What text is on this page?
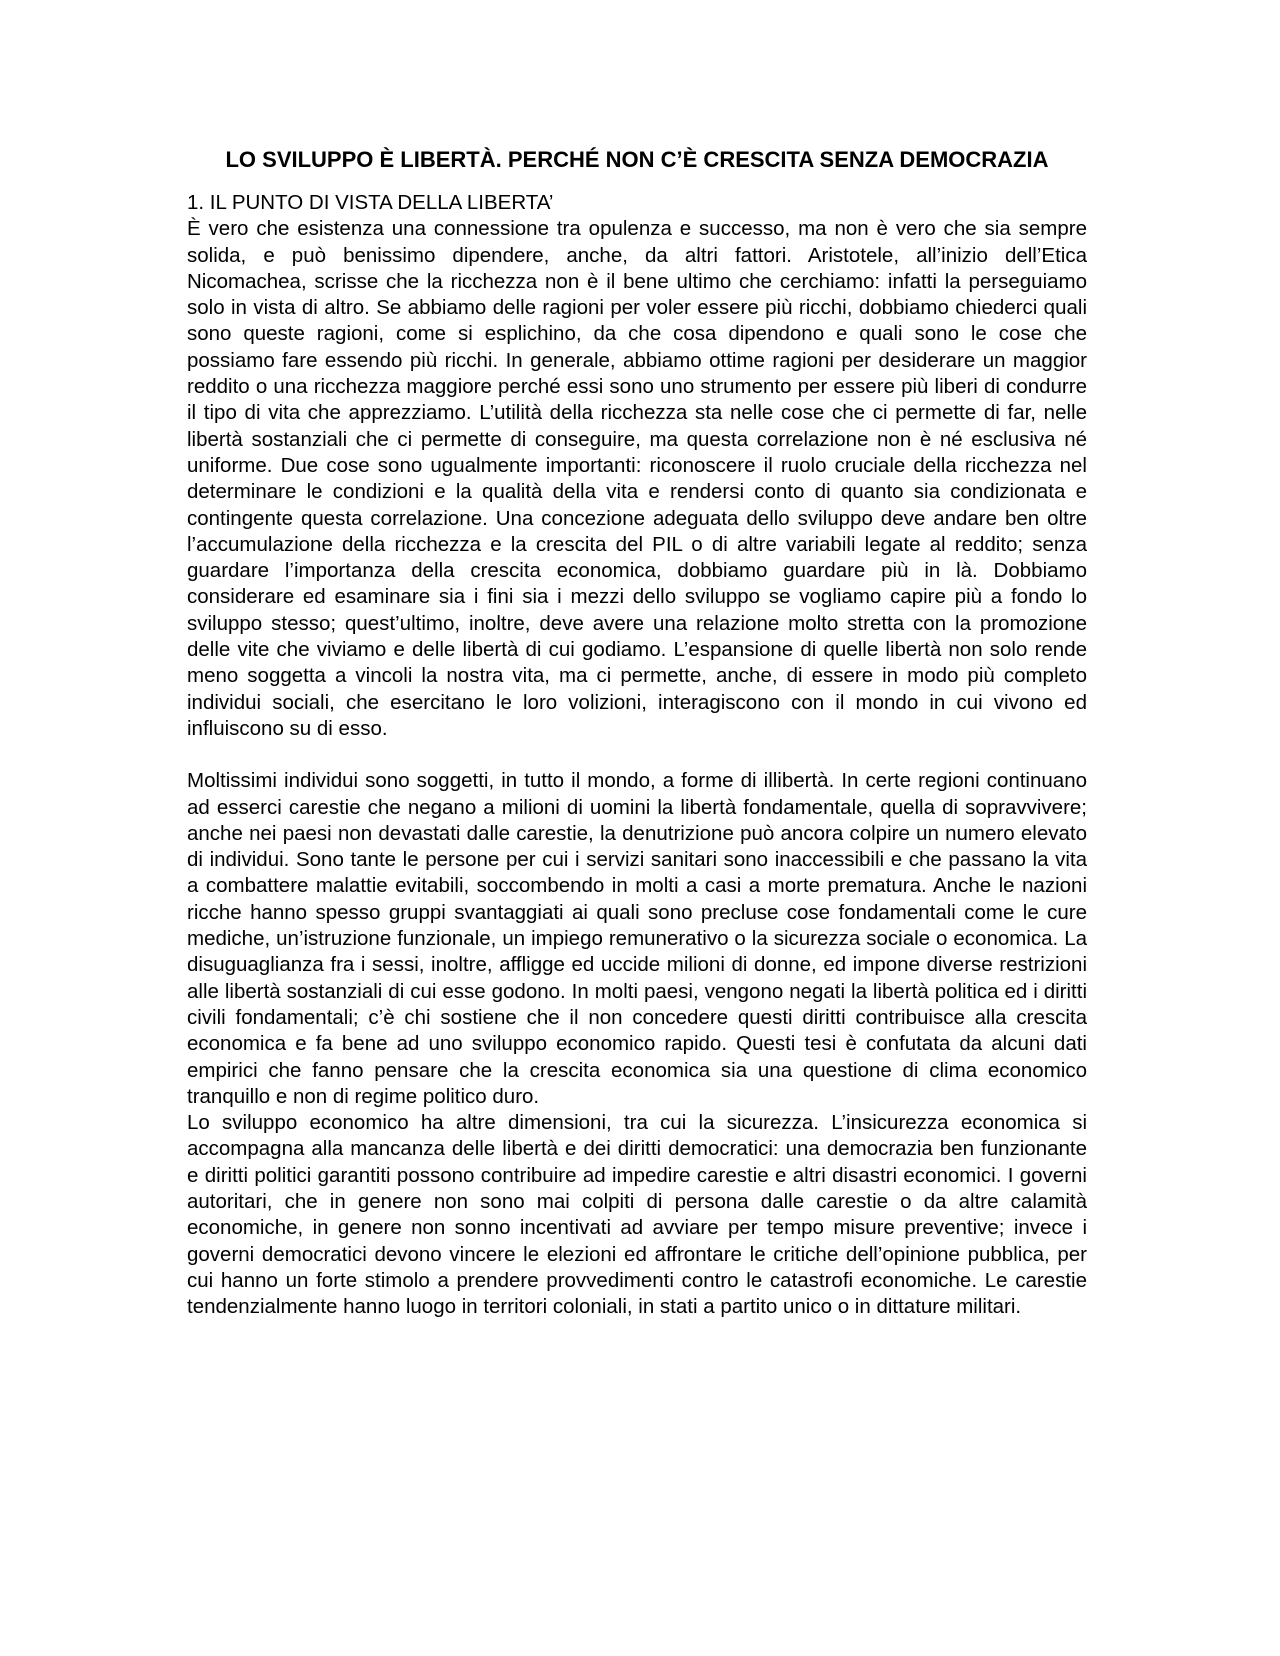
LO SVILUPPO È LIBERTÀ. PERCHÉ NON C’È CRESCITA SENZA DEMOCRAZIA

1. IL PUNTO DI VISTA DELLA LIBERTA’

È vero che esistenza una connessione tra opulenza e successo, ma non è vero che sia sempre solida, e può benissimo dipendere, anche, da altri fattori. Aristotele, all’inizio dell’Etica Nicomachea, scrisse che la ricchezza non è il bene ultimo che cerchiamo: infatti la perseguiamo solo in vista di altro. Se abbiamo delle ragioni per voler essere più ricchi, dobbiamo chiederci quali sono queste ragioni, come si esplichino, da che cosa dipendono e quali sono le cose che possiamo fare essendo più ricchi. In generale, abbiamo ottime ragioni per desiderare un maggior reddito o una ricchezza maggiore perché essi sono uno strumento per essere più liberi di condurre il tipo di vita che apprezziamo. L’utilità della ricchezza sta nelle cose che ci permette di far, nelle libertà sostanziali che ci permette di conseguire, ma questa correlazione non è né esclusiva né uniforme. Due cose sono ugualmente importanti: riconoscere il ruolo cruciale della ricchezza nel determinare le condizioni e la qualità della vita e rendersi conto di quanto sia condizionata e contingente questa correlazione. Una concezione adeguata dello sviluppo deve andare ben oltre l’accumulazione della ricchezza e la crescita del PIL o di altre variabili legate al reddito; senza guardare l’importanza della crescita economica, dobbiamo guardare più in là. Dobbiamo considerare ed esaminare sia i fini sia i mezzi dello sviluppo se vogliamo capire più a fondo lo sviluppo stesso; quest’ultimo, inoltre, deve avere una relazione molto stretta con la promozione delle vite che viviamo e delle libertà di cui godiamo. L’espansione di quelle libertà non solo rende meno soggetta a vincoli la nostra vita, ma ci permette, anche, di essere in modo più completo individui sociali, che esercitano le loro volizioni, interagiscono con il mondo in cui vivono ed influiscono su di esso.

Moltissimi individui sono soggetti, in tutto il mondo, a forme di illibertà. In certe regioni continuano ad esserci carestie che negano a milioni di uomini la libertà fondamentale, quella di sopravvivere; anche nei paesi non devastati dalle carestie, la denutrizione può ancora colpire un numero elevato di individui. Sono tante le persone per cui i servizi sanitari sono inaccessibili e che passano la vita a combattere malattie evitabili, soccombendo in molti a casi a morte prematura. Anche le nazioni ricche hanno spesso gruppi svantaggiati ai quali sono precluse cose fondamentali come le cure mediche, un’istruzione funzionale, un impiego remunerativo o la sicurezza sociale o economica. La disuguaglianza fra i sessi, inoltre, affligge ed uccide milioni di donne, ed impone diverse restrizioni alle libertà sostanziali di cui esse godono. In molti paesi, vengono negati la libertà politica ed i diritti civili fondamentali; c’è chi sostiene che il non concedere questi diritti contribuisce alla crescita economica e fa bene ad uno sviluppo economico rapido. Questi tesi è confutata da alcuni dati empirici che fanno pensare che la crescita economica sia una questione di clima economico tranquillo e non di regime politico duro.

Lo sviluppo economico ha altre dimensioni, tra cui la sicurezza. L’insicurezza economica si accompagna alla mancanza delle libertà e dei diritti democratici: una democrazia ben funzionante e diritti politici garantiti possono contribuire ad impedire carestie e altri disastri economici. I governi autoritari, che in genere non sono mai colpiti di persona dalle carestie o da altre calamità economiche, in genere non sonno incentivati ad avviare per tempo misure preventive; invece i governi democratici devono vincere le elezioni ed affrontare le critiche dell’opinione pubblica, per cui hanno un forte stimolo a prendere provvedimenti contro le catastrofi economiche. Le carestie tendenzialmente hanno luogo in territori coloniali, in stati a partito unico o in dittature militari.
